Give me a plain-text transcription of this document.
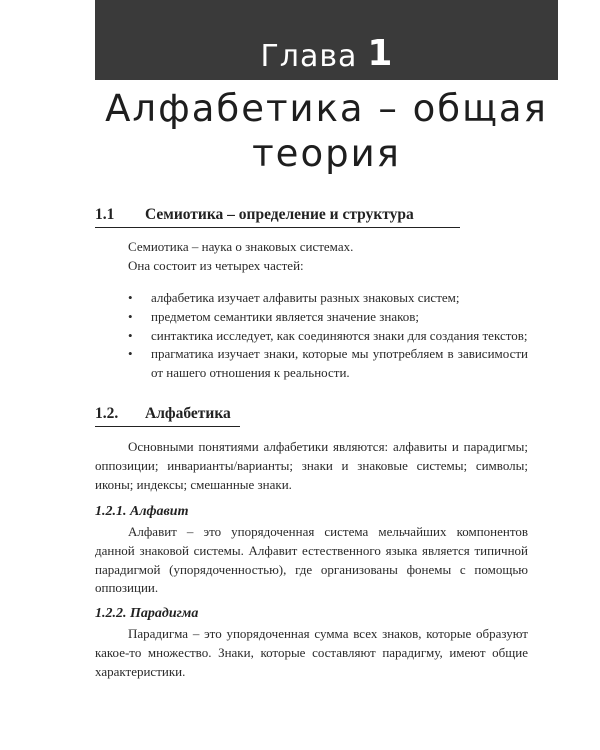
Глава 1
Алфабетика – общая
теория
1.1 Семиотика – определение и структура
Семиотика – наука о знаковых системах.
Она состоит из четырех частей:
• алфабетика изучает алфавиты разных знаковых систем;
• предметом семантики является значение знаков;
• синтактика исследует, как соединяются знаки для создания текстов;
• прагматика изучает знаки, которые мы употребляем в зависимости от нашего отношения к реальности.
1.2. Алфабетика
Основными понятиями алфабетики являются: алфавиты и парадигмы; оппозиции; инварианты/варианты; знаки и знаковые системы; символы; иконы; индексы; смешанные знаки.
1.2.1. Алфавит
Алфавит – это упорядоченная система мельчайших компонентов данной знаковой системы. Алфавит естественного языка является типичной парадигмой (упорядоченностью), где организованы фонемы с помощью оппозиции.
1.2.2. Парадигма
Парадигма – это упорядоченная сумма всех знаков, которые образуют какое-то множество. Знаки, которые составляют парадигму, имеют общие характеристики.
